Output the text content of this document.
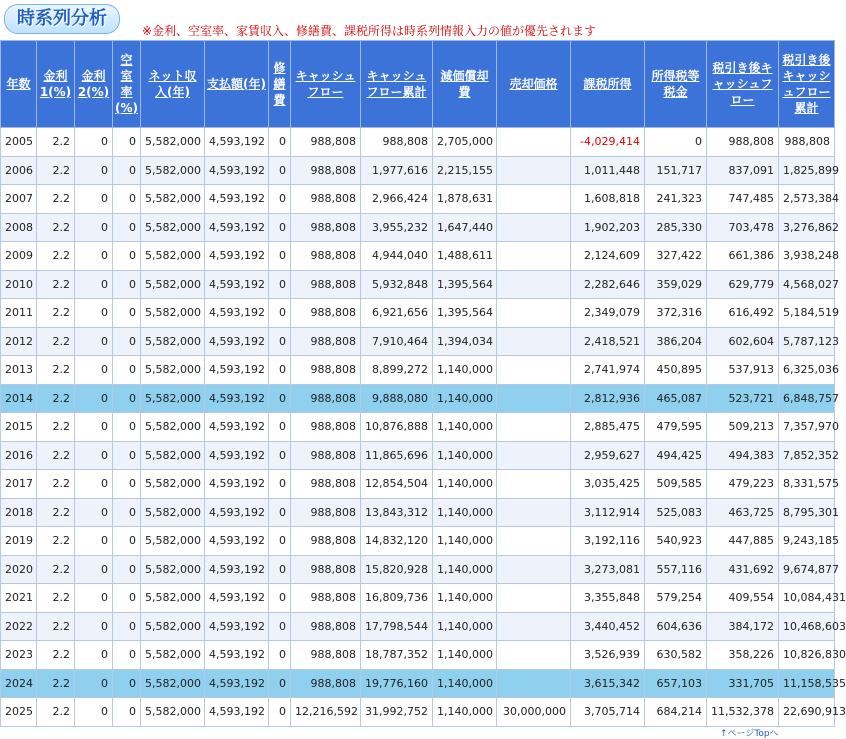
時系列分析
※金利、空室率、家賃収入、修繕費、課税所得は時系列情報入力の値が優先されます
年数	金利1(%)	金利2(%)	空室率(%)	ネット収入(年)	支払額(年)	修繕費	キャッシュフロー	キャッシュフロー累計	減価償却費	売却価格	課税所得	所得税等税金	税引き後キャッシュフロー	税引き後キャッシュフロー累計
2005	2.2	0	0	5,582,000	4,593,192	0	988,808	988,808	2,705,000		-4,029,414	0	988,808	988,808
2006	2.2	0	0	5,582,000	4,593,192	0	988,808	1,977,616	2,215,155		1,011,448	151,717	837,091	1,825,899
2007	2.2	0	0	5,582,000	4,593,192	0	988,808	2,966,424	1,878,631		1,608,818	241,323	747,485	2,573,384
2008	2.2	0	0	5,582,000	4,593,192	0	988,808	3,955,232	1,647,440		1,902,203	285,330	703,478	3,276,862
2009	2.2	0	0	5,582,000	4,593,192	0	988,808	4,944,040	1,488,611		2,124,609	327,422	661,386	3,938,248
2010	2.2	0	0	5,582,000	4,593,192	0	988,808	5,932,848	1,395,564		2,282,646	359,029	629,779	4,568,027
2011	2.2	0	0	5,582,000	4,593,192	0	988,808	6,921,656	1,395,564		2,349,079	372,316	616,492	5,184,519
2012	2.2	0	0	5,582,000	4,593,192	0	988,808	7,910,464	1,394,034		2,418,521	386,204	602,604	5,787,123
2013	2.2	0	0	5,582,000	4,593,192	0	988,808	8,899,272	1,140,000		2,741,974	450,895	537,913	6,325,036
2014	2.2	0	0	5,582,000	4,593,192	0	988,808	9,888,080	1,140,000		2,812,936	465,087	523,721	6,848,757
2015	2.2	0	0	5,582,000	4,593,192	0	988,808	10,876,888	1,140,000		2,885,475	479,595	509,213	7,357,970
2016	2.2	0	0	5,582,000	4,593,192	0	988,808	11,865,696	1,140,000		2,959,627	494,425	494,383	7,852,352
2017	2.2	0	0	5,582,000	4,593,192	0	988,808	12,854,504	1,140,000		3,035,425	509,585	479,223	8,331,575
2018	2.2	0	0	5,582,000	4,593,192	0	988,808	13,843,312	1,140,000		3,112,914	525,083	463,725	8,795,301
2019	2.2	0	0	5,582,000	4,593,192	0	988,808	14,832,120	1,140,000		3,192,116	540,923	447,885	9,243,185
2020	2.2	0	0	5,582,000	4,593,192	0	988,808	15,820,928	1,140,000		3,273,081	557,116	431,692	9,674,877
2021	2.2	0	0	5,582,000	4,593,192	0	988,808	16,809,736	1,140,000		3,355,848	579,254	409,554	10,084,431
2022	2.2	0	0	5,582,000	4,593,192	0	988,808	17,798,544	1,140,000		3,440,452	604,636	384,172	10,468,603
2023	2.2	0	0	5,582,000	4,593,192	0	988,808	18,787,352	1,140,000		3,526,939	630,582	358,226	10,826,830
2024	2.2	0	0	5,582,000	4,593,192	0	988,808	19,776,160	1,140,000		3,615,342	657,103	331,705	11,158,535
2025	2.2	0	0	5,582,000	4,593,192	0	12,216,592	31,992,752	1,140,000	30,000,000	3,705,714	684,214	11,532,378	22,690,913
↑ページTopへ
